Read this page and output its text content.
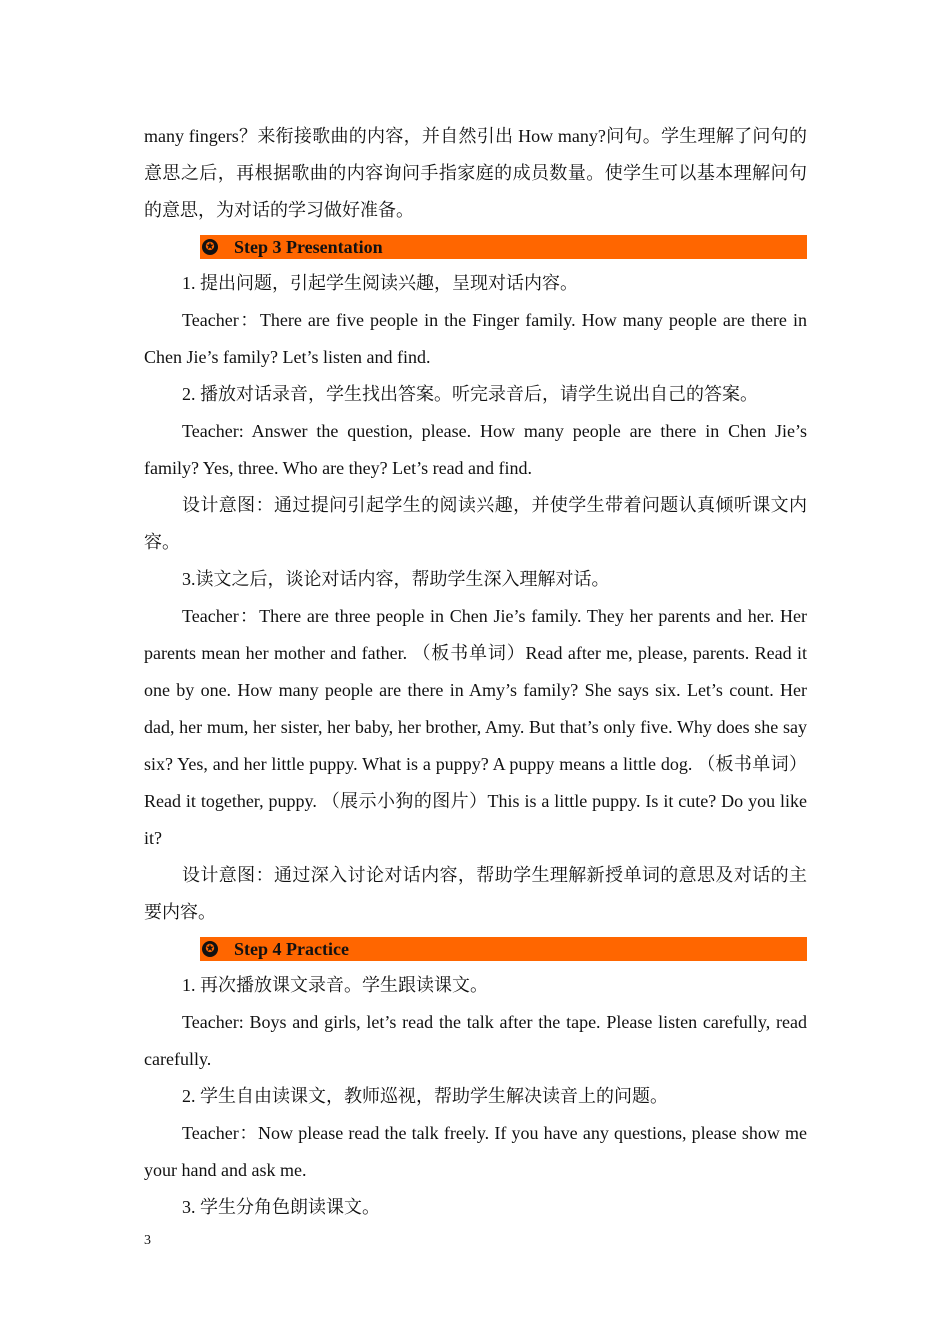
many fingers？来衔接歌曲的内容，并自然引出 How many?问句。学生理解了问句的意思之后，再根据歌曲的内容询问手指家庭的成员数量。使学生可以基本理解问句的意思，为对话的学习做好准备。

✪ Step 3 Presentation

1. 提出问题，引起学生阅读兴趣，呈现对话内容。

Teacher：There are five people in the Finger family. How many people are there in Chen Jie’s family? Let’s listen and find.

2. 播放对话录音，学生找出答案。听完录音后，请学生说出自己的答案。

Teacher: Answer the question, please. How many people are there in Chen Jie’s family? Yes, three. Who are they? Let’s read and find.

设计意图：通过提问引起学生的阅读兴趣，并使学生带着问题认真倾听课文内容。

3.读文之后，谈论对话内容，帮助学生深入理解对话。

Teacher：There are three people in Chen Jie’s family. They her parents and her. Her parents mean her mother and father. （板书单词）Read after me, please, parents. Read it one by one. How many people are there in Amy’s family? She says six. Let’s count. Her dad, her mum, her sister, her baby, her brother, Amy. But that’s only five. Why does she say six? Yes, and her little puppy. What is a puppy? A puppy means a little dog. （板书单词）Read it together, puppy. （展示小狗的图片）This is a little puppy. Is it cute? Do you like it?

设计意图：通过深入讨论对话内容，帮助学生理解新授单词的意思及对话的主要内容。

✪ Step 4 Practice

1. 再次播放课文录音。学生跟读课文。

Teacher: Boys and girls, let’s read the talk after the tape. Please listen carefully, read carefully.

2. 学生自由读课文，教师巡视，帮助学生解决读音上的问题。

Teacher：Now please read the talk freely. If you have any questions, please show me your hand and ask me.

3. 学生分角色朗读课文。

3
